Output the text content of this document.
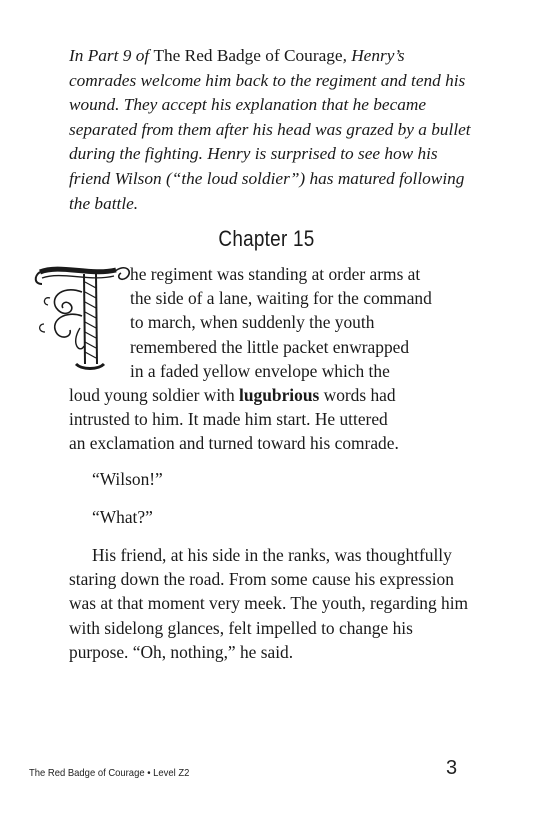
In Part 9 of The Red Badge of Courage, Henry’s comrades welcome him back to the regiment and tend his wound. They accept his explanation that he became separated from them after his head was grazed by a bullet during the fighting. Henry is surprised to see how his friend Wilson (“the loud soldier”) has matured following the battle.

Chapter 15

he regiment was standing at order arms at
the side of a lane, waiting for the command
to march, when suddenly the youth
remembered the little packet enwrapped
in a faded yellow envelope which the
loud young soldier with lugubrious words had
intrusted to him. It made him start. He uttered
an exclamation and turned toward his comrade.

“Wilson!”

“What?”

His friend, at his side in the ranks, was thoughtfully staring down the road. From some cause his expression was at that moment very meek. The youth, regarding him with sidelong glances, felt impelled to change his purpose. “Oh, nothing,” he said.

The Red Badge of Courage • Level Z2	3
